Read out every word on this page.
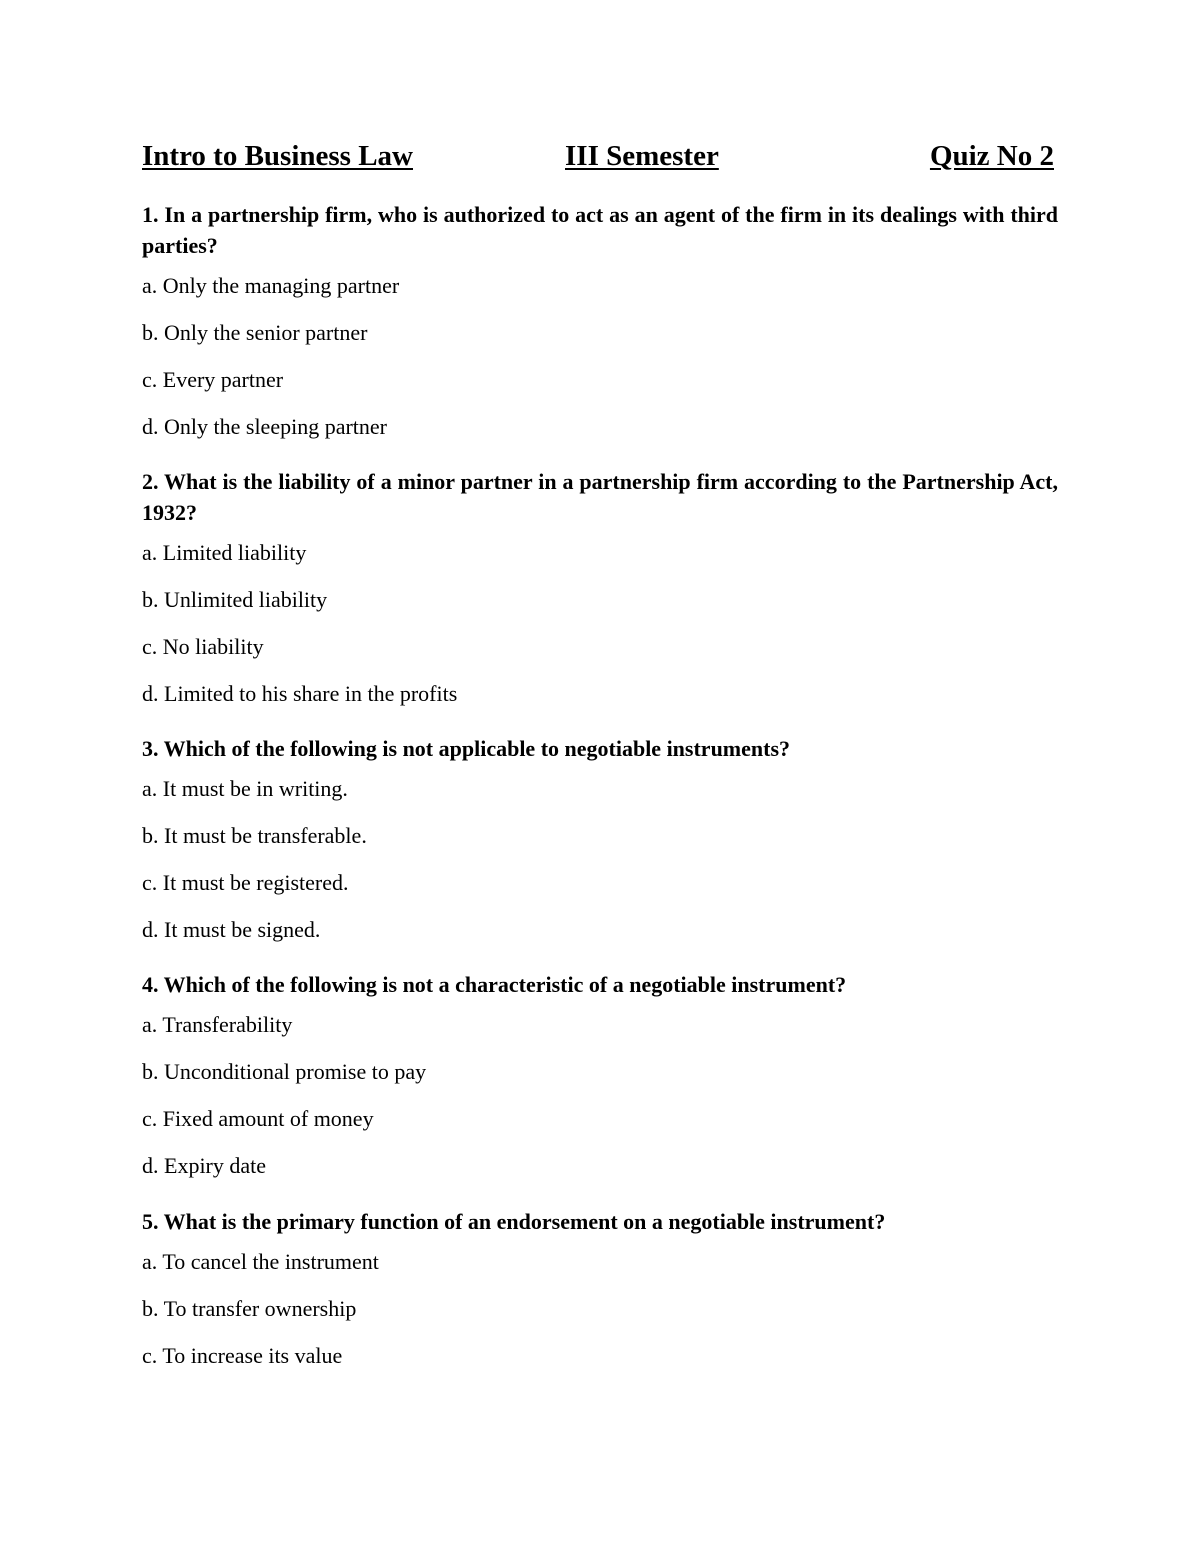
Intro to Business Law	III Semester	Quiz No 2

1. In a partnership firm, who is authorized to act as an agent of the firm in its dealings with third parties?

a. Only the managing partner
b. Only the senior partner
c. Every partner
d. Only the sleeping partner

2. What is the liability of a minor partner in a partnership firm according to the Partnership Act, 1932?

a. Limited liability
b. Unlimited liability
c. No liability
d. Limited to his share in the profits

3. Which of the following is not applicable to negotiable instruments?

a. It must be in writing.
b. It must be transferable.
c. It must be registered.
d. It must be signed.

4. Which of the following is not a characteristic of a negotiable instrument?

a. Transferability
b. Unconditional promise to pay
c. Fixed amount of money
d. Expiry date

5. What is the primary function of an endorsement on a negotiable instrument?

a. To cancel the instrument
b. To transfer ownership
c. To increase its value
